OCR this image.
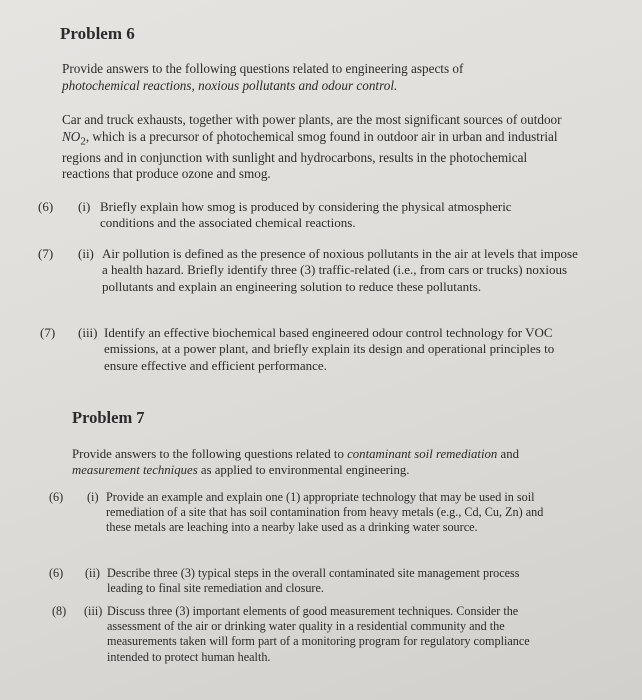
Problem 6
Provide answers to the following questions related to engineering aspects of photochemical reactions, noxious pollutants and odour control.
Car and truck exhausts, together with power plants, are the most significant sources of outdoor $NO_2$, which is a precursor of photochemical smog found in outdoor air in urban and industrial regions and in conjunction with sunlight and hydrocarbons, results in the photochemical reactions that produce ozone and smog.
(6) (i) Briefly explain how smog is produced by considering the physical atmospheric conditions and the associated chemical reactions.
(7) (ii) Air pollution is defined as the presence of noxious pollutants in the air at levels that impose a health hazard. Briefly identify three (3) traffic-related (i.e., from cars or trucks) noxious pollutants and explain an engineering solution to reduce these pollutants.
(7) (iii) Identify an effective biochemical based engineered odour control technology for VOC emissions, at a power plant, and briefly explain its design and operational principles to ensure effective and efficient performance.
Problem 7
Provide answers to the following questions related to contaminant soil remediation and measurement techniques as applied to environmental engineering.
(6) (i) Provide an example and explain one (1) appropriate technology that may be used in soil remediation of a site that has soil contamination from heavy metals (e.g., Cd, Cu, Zn) and these metals are leaching into a nearby lake used as a drinking water source.
(6) (ii) Describe three (3) typical steps in the overall contaminated site management process leading to final site remediation and closure.
(8) (iii) Discuss three (3) important elements of good measurement techniques. Consider the assessment of the air or drinking water quality in a residential community and the measurements taken will form part of a monitoring program for regulatory compliance intended to protect human health.
